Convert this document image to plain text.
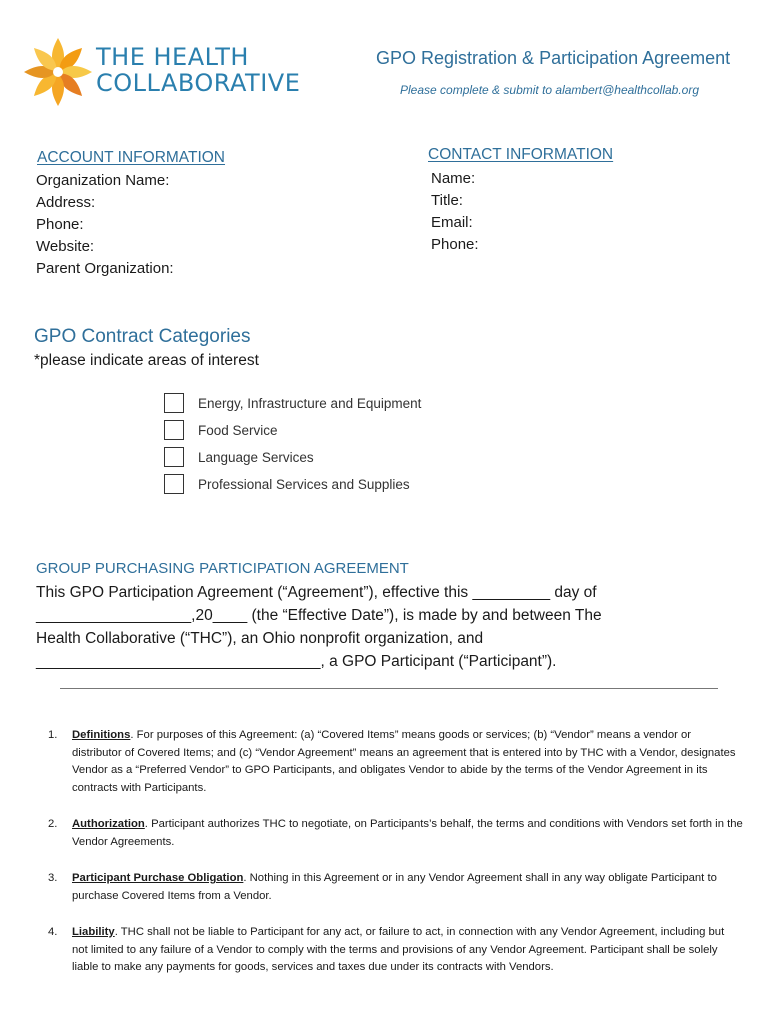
THE HEALTH
COLLABORATIVE
GPO Registration & Participation Agreement
Please complete & submit to alambert@healthcollab.org
ACCOUNT INFORMATION
Organization Name:
Address:
Phone:
Website:
Parent Organization:
CONTACT INFORMATION
Name:
Title:
Email:
Phone:
GPO Contract Categories
*please indicate areas of interest
Energy, Infrastructure and Equipment
Food Service
Language Services
Professional Services and Supplies
GROUP PURCHASING PARTICIPATION AGREEMENT
This GPO Participation Agreement (“Agreement”), effective this _________ day of
__________________,20____ (the “Effective Date”), is made by and between The
Health Collaborative (“THC”), an Ohio nonprofit organization, and
_________________________________, a GPO Participant (“Participant”).
1.	Definitions. For purposes of this Agreement: (a) “Covered Items” means goods or services; (b) “Vendor” means a vendor or distributor of Covered Items; and (c) “Vendor Agreement” means an agreement that is entered into by THC with a Vendor, designates Vendor as a “Preferred Vendor” to GPO Participants, and obligates Vendor to abide by the terms of the Vendor Agreement in its contracts with Participants.
2.	Authorization. Participant authorizes THC to negotiate, on Participants’s behalf, the terms and conditions with Vendors set forth in the Vendor Agreements.
3.	Participant Purchase Obligation. Nothing in this Agreement or in any Vendor Agreement shall in any way obligate Participant to purchase Covered Items from a Vendor.
4.	Liability. THC shall not be liable to Participant for any act, or failure to act, in connection with any Vendor Agreement, including but not limited to any failure of a Vendor to comply with the terms and provisions of any Vendor Agreement. Participant shall be solely liable to make any payments for goods, services and taxes due under its contracts with Vendors.
